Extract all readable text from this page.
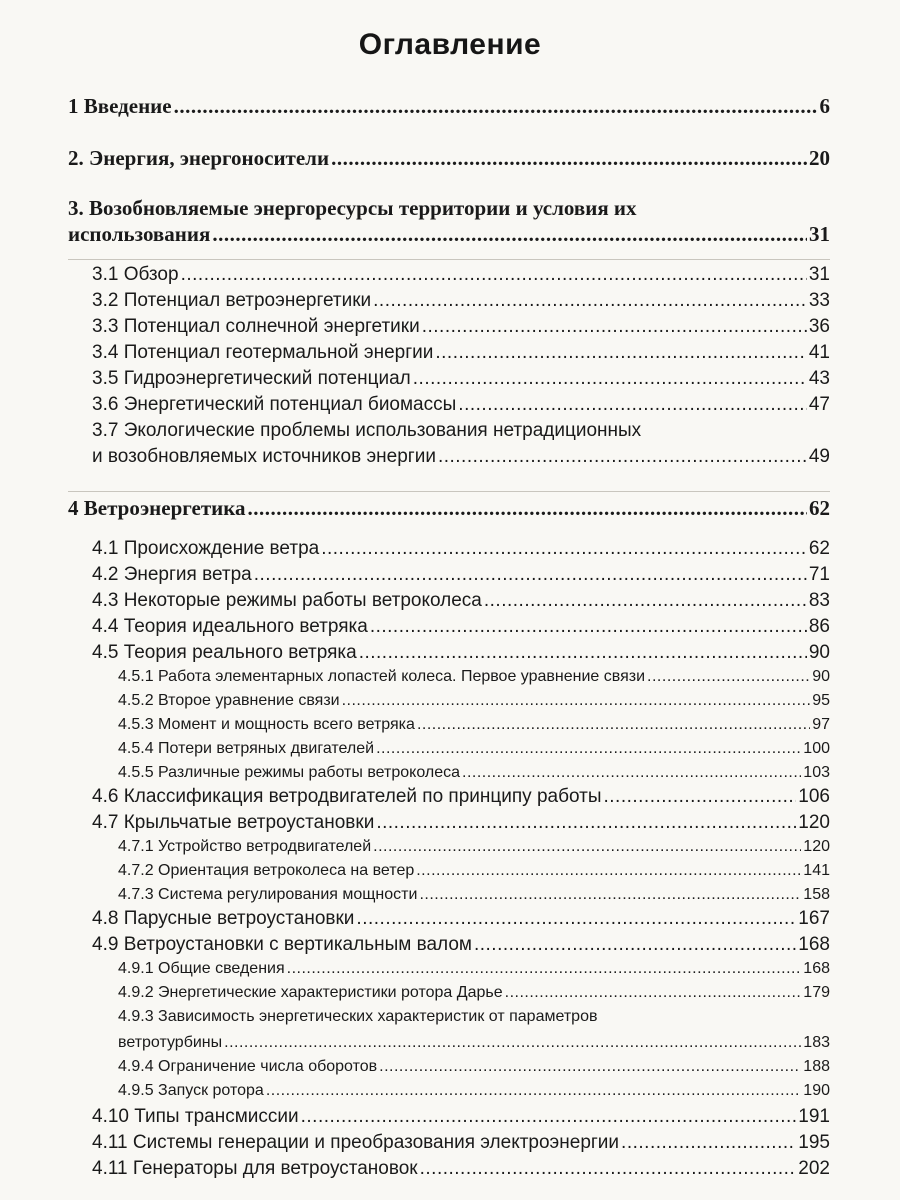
Оглавление
1 Введение .....	6
2. Энергия, энергоносители .....	20
3. Возобновляемые энергоресурсы территории и условия их
использования .....	31
3.1 Обзор .....	31
3.2 Потенциал ветроэнергетики .....	33
3.3 Потенциал солнечной энергетики .....	36
3.4 Потенциал геотермальной энергии .....	41
3.5 Гидроэнергетический потенциал .....	43
3.6 Энергетический потенциал биомассы .....	47
3.7 Экологические проблемы использования нетрадиционных
и возобновляемых источников энергии .....	49
4 Ветроэнергетика .....	62
4.1 Происхождение ветра .....	62
4.2 Энергия ветра .....	71
4.3 Некоторые режимы работы ветроколеса .....	83
4.4 Теория идеального ветряка .....	86
4.5 Теория реального ветряка .....	90
4.5.1 Работа элементарных лопастей колеса. Первое уравнение связи .....	90
4.5.2 Второе уравнение связи .....	95
4.5.3 Момент и мощность всего ветряка .....	97
4.5.4 Потери ветряных двигателей .....	100
4.5.5 Различные режимы работы ветроколеса .....	103
4.6 Классификация ветродвигателей по принципу работы .....	106
4.7 Крыльчатые ветроустановки .....	120
4.7.1 Устройство ветродвигателей .....	120
4.7.2 Ориентация ветроколеса на ветер .....	141
4.7.3 Система регулирования мощности .....	158
4.8 Парусные ветроустановки .....	167
4.9 Ветроустановки с вертикальным валом .....	168
4.9.1 Общие сведения .....	168
4.9.2 Энергетические характеристики ротора Дарье .....	179
4.9.3 Зависимость энергетических характеристик от параметров
ветротурбины .....	183
4.9.4 Ограничение числа оборотов .....	188
4.9.5 Запуск ротора .....	190
4.10 Типы трансмиссии .....	191
4.11 Системы генерации и преобразования электроэнергии .....	195
4.11 Генераторы для ветроустановок .....	202
